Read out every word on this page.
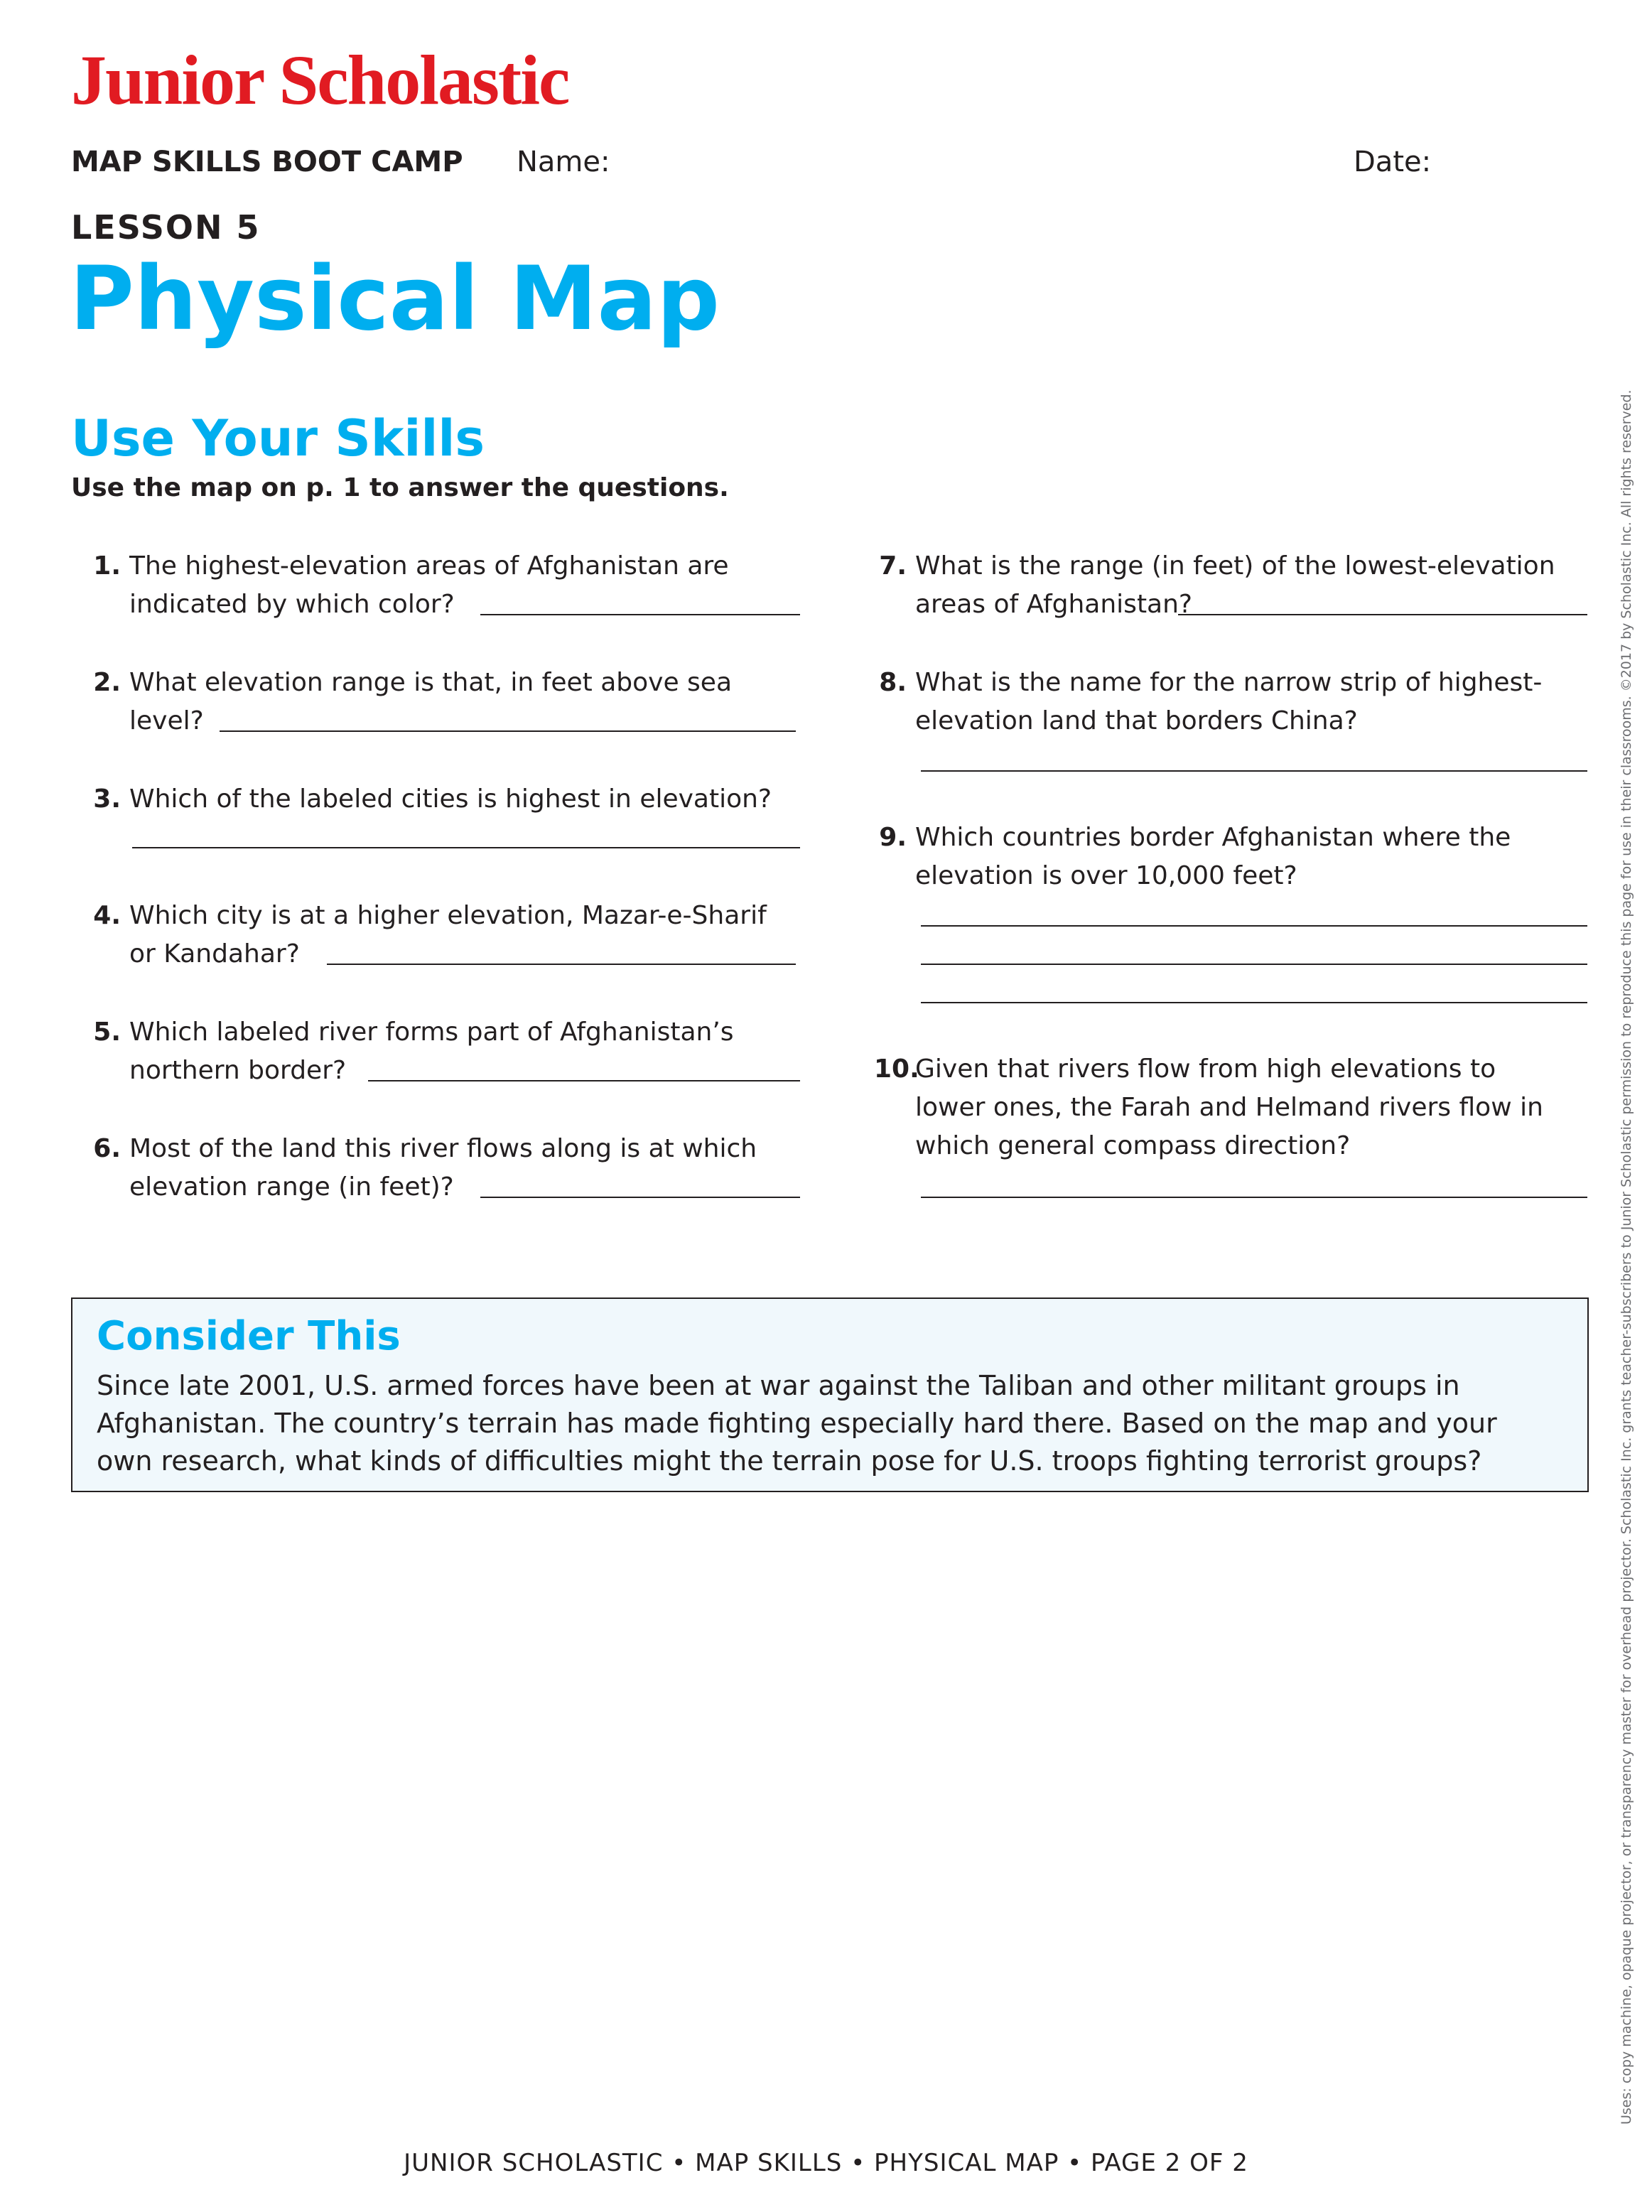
Junior Scholastic
MAP SKILLS BOOT CAMP Name:	Date:
LESSON 5
Physical Map
Use Your Skills
Use the map on p. 1 to answer the questions.
1. The highest-elevation areas of Afghanistan are
indicated by which color?
2. What elevation range is that, in feet above sea
level?
3. Which of the labeled cities is highest in elevation?
4. Which city is at a higher elevation, Mazar-e-Sharif
or Kandahar?
5. Which labeled river forms part of Afghanistan’s
northern border?
6. Most of the land this river flows along is at which
elevation range (in feet)?
7. What is the range (in feet) of the lowest-elevation
areas of Afghanistan?
8. What is the name for the narrow strip of highest-
elevation land that borders China?
9. Which countries border Afghanistan where the
elevation is over 10,000 feet?
10.
Given that rivers flow from high elevations to
lower ones, the Farah and Helmand rivers flow in
which general compass direction?
Consider This

Since late 2001, U.S. armed forces have been at war against the Taliban and other militant groups in
Afghanistan. The country’s terrain has made fighting especially hard there. Based on the map and your
own research, what kinds of difficulties might the terrain pose for U.S. troops fighting terrorist groups?

JUNIOR SCHOLASTIC • MAP SKILLS • PHYSICAL MAP • PAGE 2 OF 2
Uses: copy machine, opaque projector, or transparency master for overhead projector. Scholastic Inc. grants teacher-subscribers to Junior Scholastic permission to reproduce this page for use in their classrooms. ©2017 by Scholastic Inc. All rights reserved.
